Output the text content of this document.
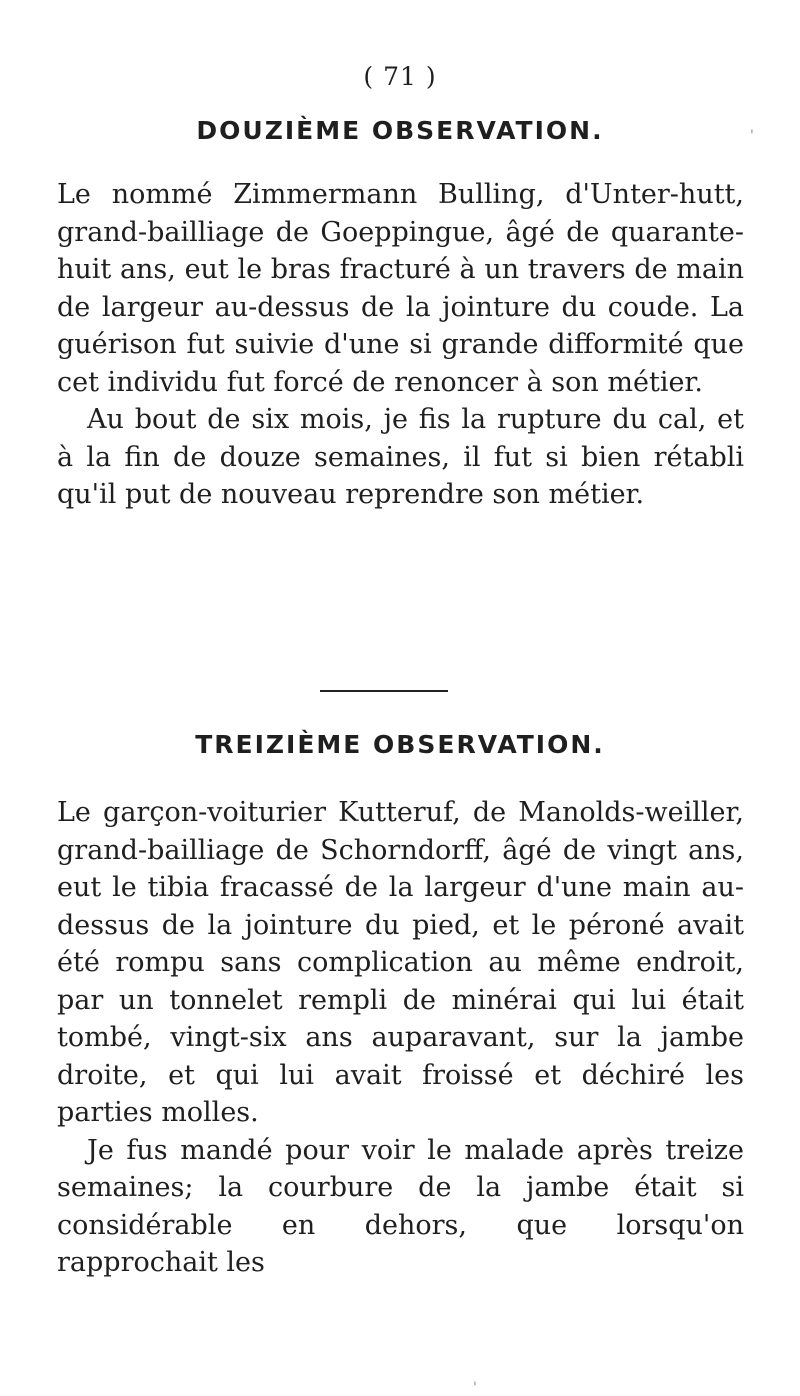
( 71 )
'
DOUZIÈME OBSERVATION.

Le nommé Zimmermann Bulling, d'Unter-hutt, grand-bailliage de Goeppingue, âgé de quarante-huit ans, eut le bras fracturé à un travers de main de largeur au-dessus de la jointure du coude. La guérison fut suivie d'une si grande difformité que cet individu fut forcé de renoncer à son métier.

Au bout de six mois, je fis la rupture du cal, et à la fin de douze semaines, il fut si bien rétabli qu'il put de nouveau reprendre son métier.

TREIZIÈME OBSERVATION.

Le garçon-voiturier Kutteruf, de Manolds-weiller, grand-bailliage de Schorndorff, âgé de vingt ans, eut le tibia fracassé de la largeur d'une main au-dessus de la jointure du pied, et le péroné avait été rompu sans complication au même endroit, par un tonnelet rempli de minérai qui lui était tombé, vingt-six ans auparavant, sur la jambe droite, et qui lui avait froissé et déchiré les parties molles.

Je fus mandé pour voir le malade après treize semaines; la courbure de la jambe était si considérable en dehors, que lorsqu'on rapprochait les

'
